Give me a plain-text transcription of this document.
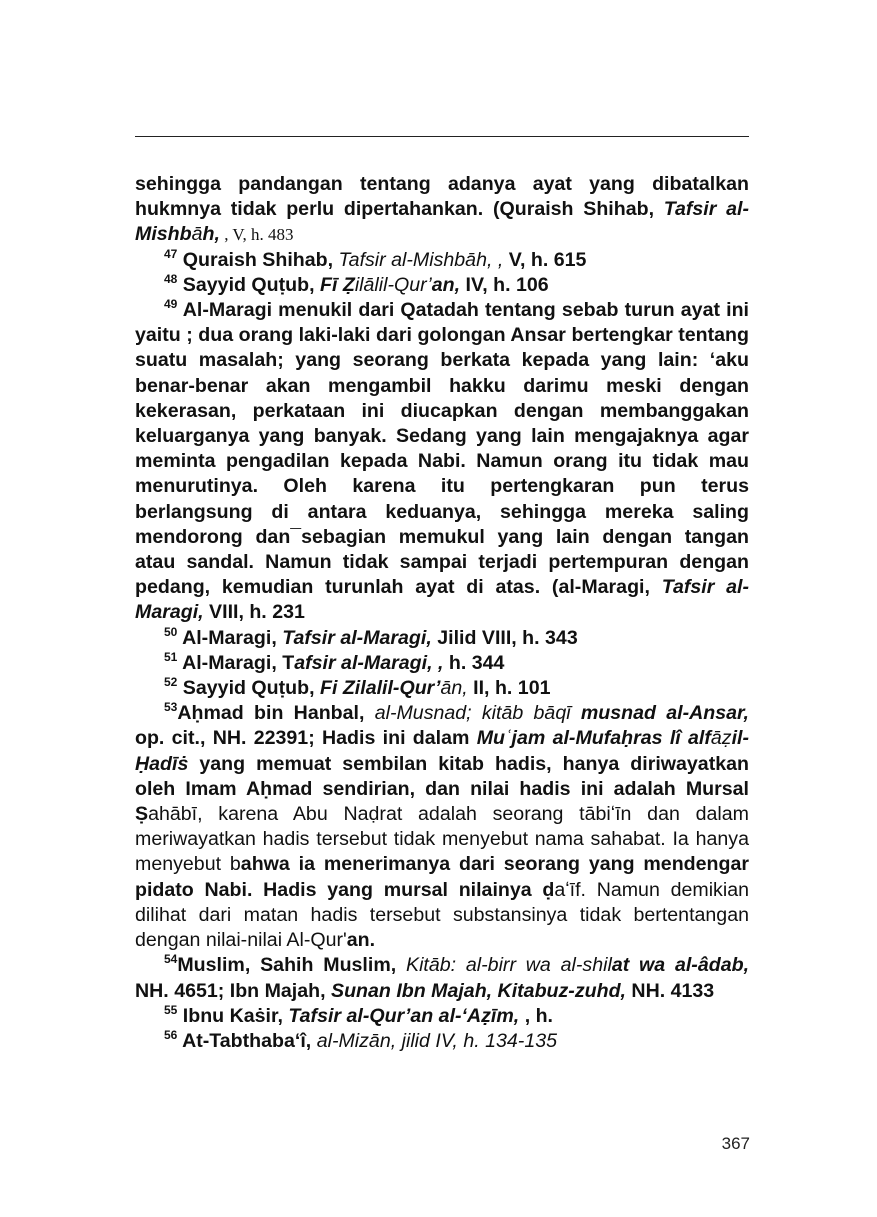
sehingga pandangan tentang adanya ayat yang dibatalkan hukmnya tidak perlu dipertahankan. (Quraish Shihab, Tafsir al-Mishbāh, , V, h. 483

$^{47}$ Quraish Shihab, Tafsir al-Mishbāh, , V, h. 615

$^{48}$ Sayyid Quṭub, Fī Ẓilālil-Qur’an, IV, h. 106

$^{49}$ Al-Maragi menukil dari Qatadah tentang sebab turun ayat ini yaitu ; dua orang laki-laki dari golongan Ansar bertengkar tentang suatu masalah; yang seorang berkata kepada yang lain: ‘aku benar-benar akan mengambil hakku darimu meski dengan kekerasan, perkataan ini diucapkan dengan membanggakan keluarganya yang banyak. Sedang yang lain mengajaknya agar meminta pengadilan kepada Nabi. Namun orang itu tidak mau menurutinya. Oleh karena itu pertengkaran pun terus berlangsung di antara keduanya, sehingga mereka saling mendorong dan¯sebagian memukul yang lain dengan tangan atau sandal. Namun tidak sampai terjadi pertempuran dengan pedang, kemudian turunlah ayat di atas. (al-Maragi, Tafsir al-Maragi, VIII, h. 231

$^{50}$ Al-Maragi, Tafsir al-Maragi, Jilid VIII, h. 343

$^{51}$ Al-Maragi, Tafsir al-Maragi, , h. 344

$^{52}$ Sayyid Quṭub, Fi Zilalil-Qur’ān, II, h. 101

$^{53}$Aḥmad bin Hanbal, al-Musnad; kitāb bāqī musnad al-Ansar, op. cit., NH. 22391; Hadis ini dalam Muʿjam al-Mufaḥras lî alfāẓil-Ḥadīṡ yang memuat sembilan kitab hadis, hanya diriwayatkan oleh Imam Aḥmad sendirian, dan nilai hadis ini adalah Mursal Ṣahābī, karena Abu Naḍrat adalah seorang tābiʻīn dan dalam meriwayatkan hadis tersebut tidak menyebut nama sahabat. Ia hanya menyebut bahwa ia menerimanya dari seorang yang mendengar pidato Nabi. Hadis yang mursal nilainya ḍaʻīf. Namun demikian dilihat dari matan hadis tersebut substansinya tidak bertentangan dengan nilai-nilai Al-Qur'an.

$^{54}$Muslim, Sahih Muslim, Kitāb: al-birr wa al-shilat wa al-âdab, NH. 4651; Ibn Majah, Sunan Ibn Majah, Kitabuz-zuhd, NH. 4133

$^{55}$ Ibnu Kaṡir, Tafsir al-Qur’an al-‘Aẓīm, , h.

$^{56}$ At-Tabthaba‘î, al-Mizān, jilid IV, h. 134-135

367
